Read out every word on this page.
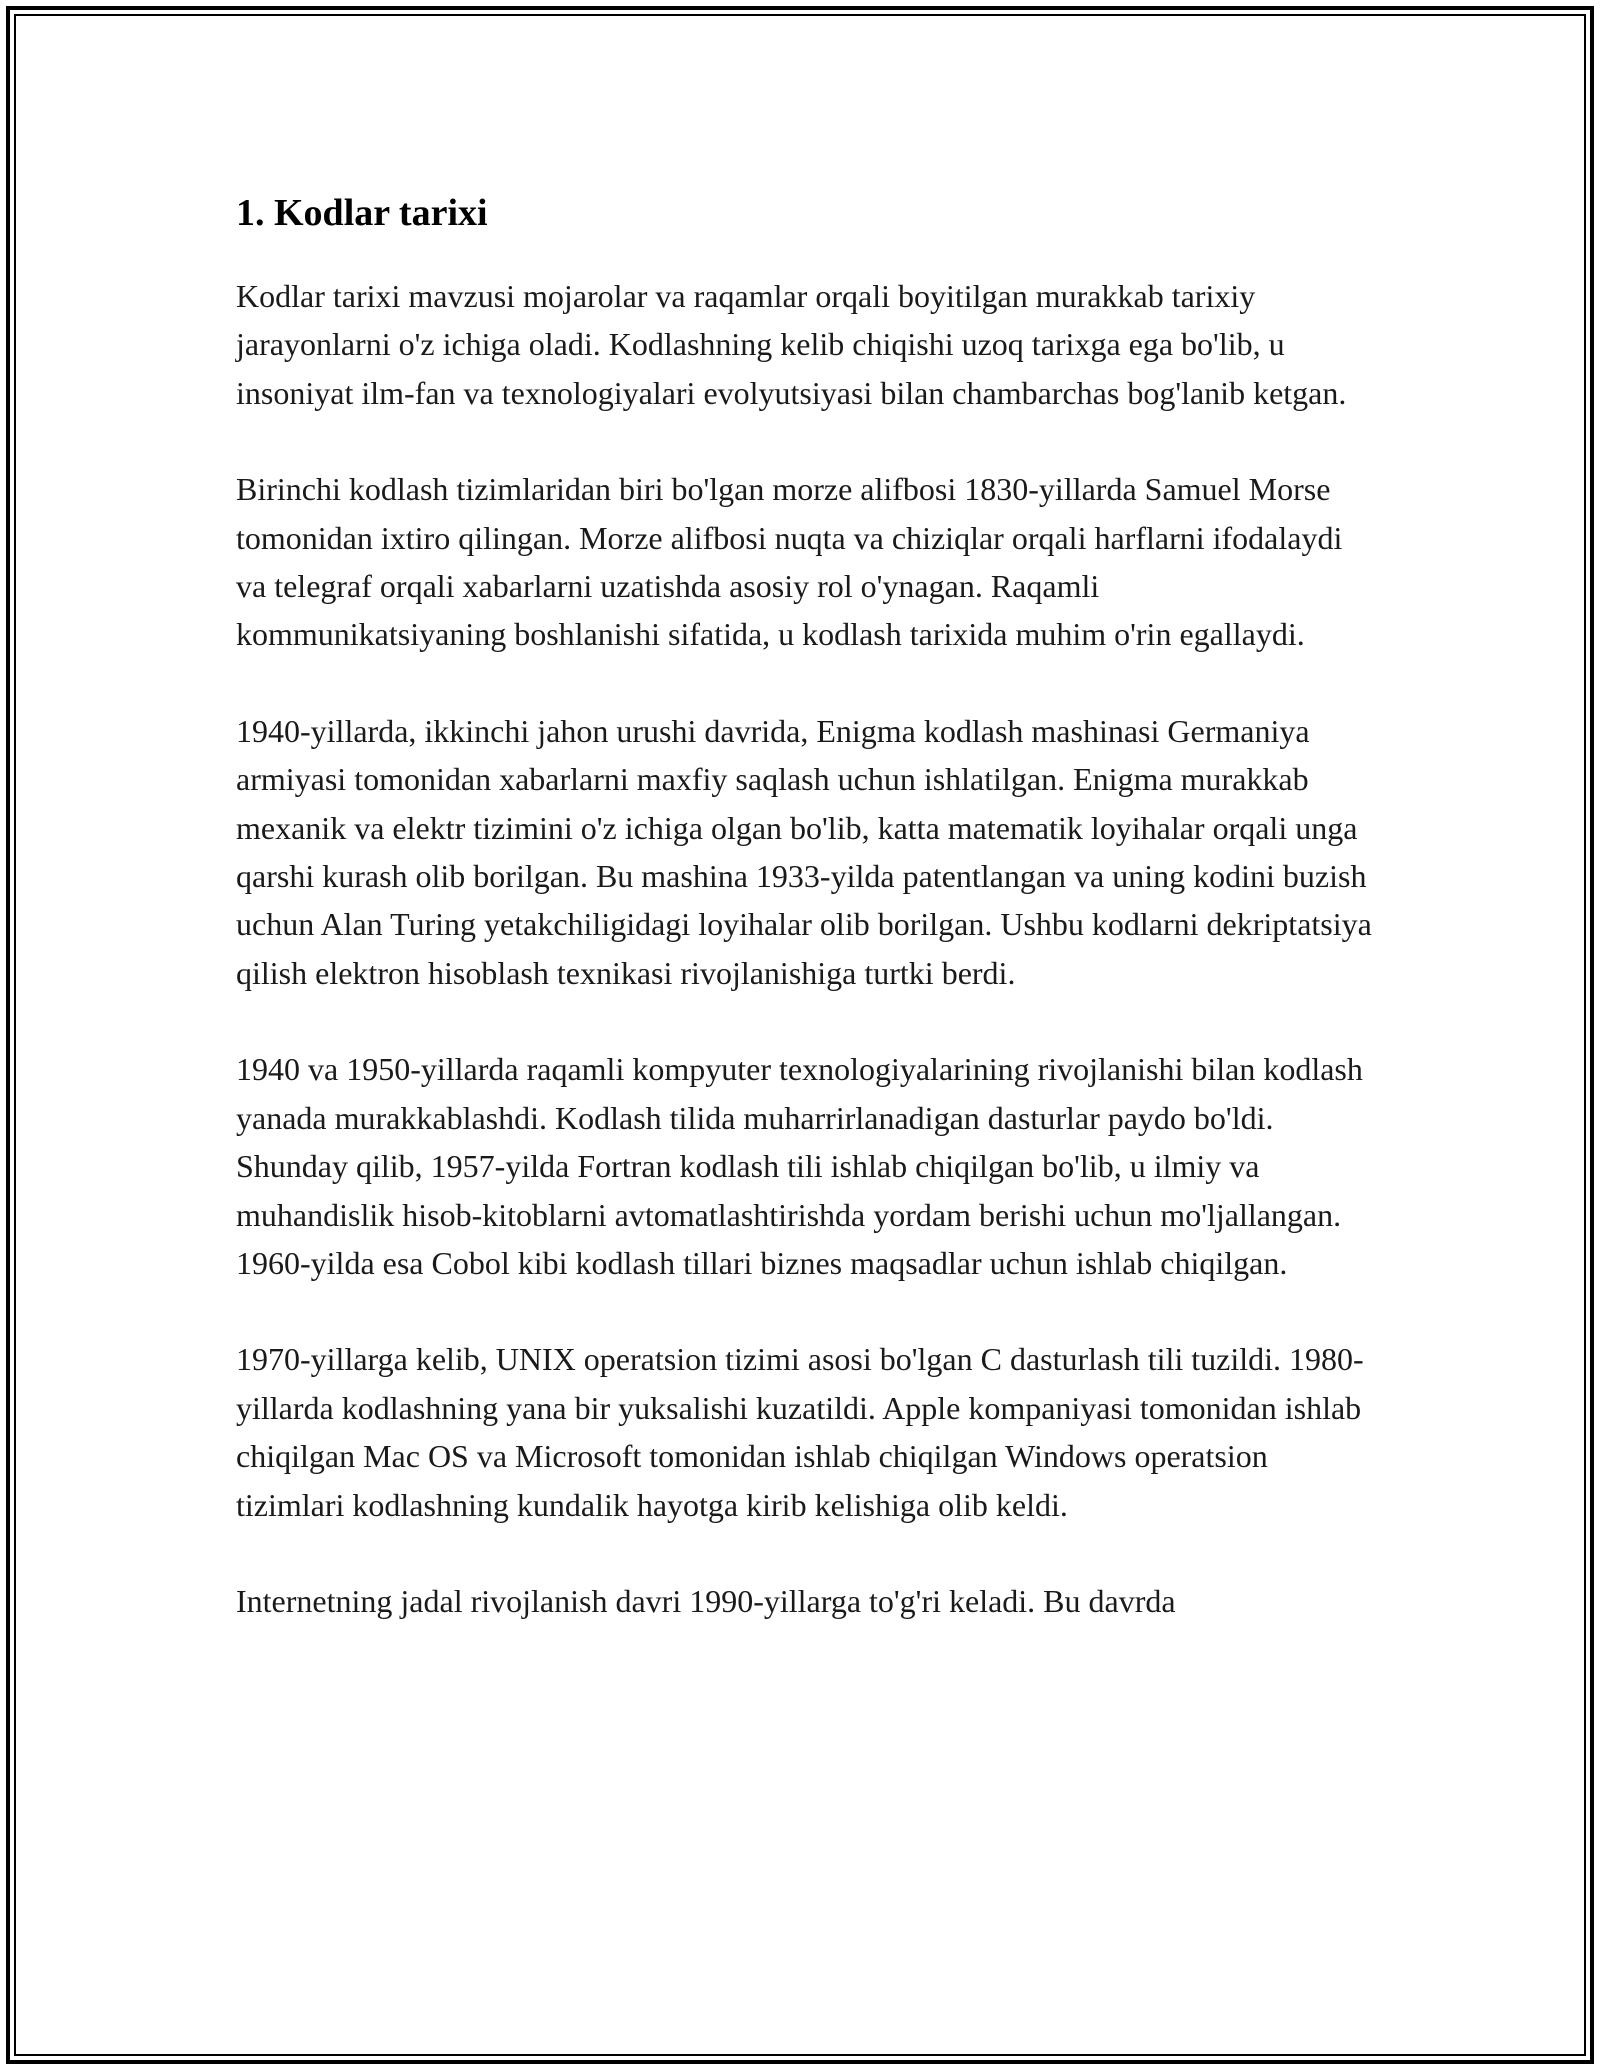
1. Kodlar tarixi

Kodlar tarixi mavzusi mojarolar va raqamlar orqali boyitilgan murakkab tarixiy jarayonlarni o'z ichiga oladi. Kodlashning kelib chiqishi uzoq tarixga ega bo'lib, u insoniyat ilm-fan va texnologiyalari evolyutsiyasi bilan chambarchas bog'lanib ketgan.

Birinchi kodlash tizimlaridan biri bo'lgan morze alifbosi 1830-yillarda Samuel Morse tomonidan ixtiro qilingan. Morze alifbosi nuqta va chiziqlar orqali harflarni ifodalaydi va telegraf orqali xabarlarni uzatishda asosiy rol o'ynagan. Raqamli kommunikatsiyaning boshlanishi sifatida, u kodlash tarixida muhim o'rin egallaydi.

1940-yillarda, ikkinchi jahon urushi davrida, Enigma kodlash mashinasi Germaniya armiyasi tomonidan xabarlarni maxfiy saqlash uchun ishlatilgan. Enigma murakkab mexanik va elektr tizimini o'z ichiga olgan bo'lib, katta matematik loyihalar orqali unga qarshi kurash olib borilgan. Bu mashina 1933-yilda patentlangan va uning kodini buzish uchun Alan Turing yetakchiligidagi loyihalar olib borilgan. Ushbu kodlarni dekriptatsiya qilish elektron hisoblash texnikasi rivojlanishiga turtki berdi.

1940 va 1950-yillarda raqamli kompyuter texnologiyalarining rivojlanishi bilan kodlash yanada murakkablashdi. Kodlash tilida muharrirlanadigan dasturlar paydo bo'ldi. Shunday qilib, 1957-yilda Fortran kodlash tili ishlab chiqilgan bo'lib, u ilmiy va muhandislik hisob-kitoblarni avtomatlashtirishda yordam berishi uchun mo'ljallangan. 1960-yilda esa Cobol kibi kodlash tillari biznes maqsadlar uchun ishlab chiqilgan.

1970-yillarga kelib, UNIX operatsion tizimi asosi bo'lgan C dasturlash tili tuzildi. 1980-yillarda kodlashning yana bir yuksalishi kuzatildi. Apple kompaniyasi tomonidan ishlab chiqilgan Mac OS va Microsoft tomonidan ishlab chiqilgan Windows operatsion tizimlari kodlashning kundalik hayotga kirib kelishiga olib keldi.

Internetning jadal rivojlanish davri 1990-yillarga to'g'ri keladi. Bu davrda
